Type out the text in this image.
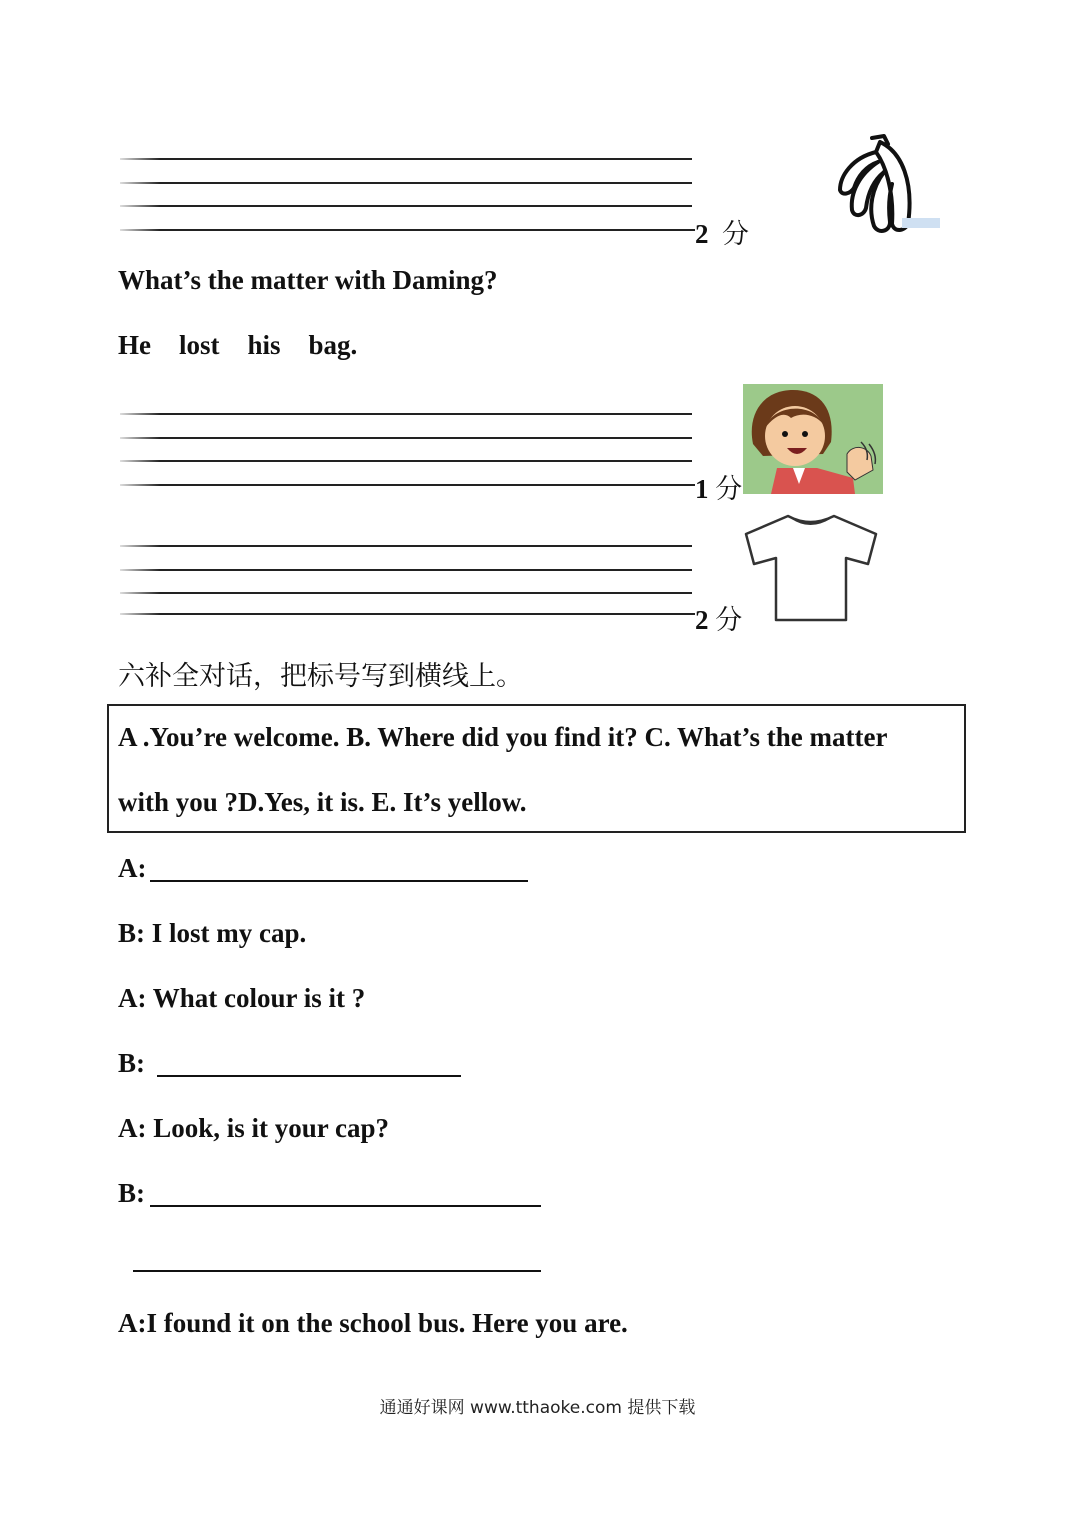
2 分
What’s the matter with Daming?
He lost his bag.
1 分
2 分
六补全对话，把标号写到横线上。
A .You’re welcome. B. Where did you find it? C. What’s the matter
with you ?D.Yes, it is. E. It’s yellow.
A:
B: I lost my cap.
A: What colour is it ?
B:
A: Look, is it your cap?
B:
A:I found it on the school bus. Here you are.
通通好课网 www.tthaoke.com 提供下载
